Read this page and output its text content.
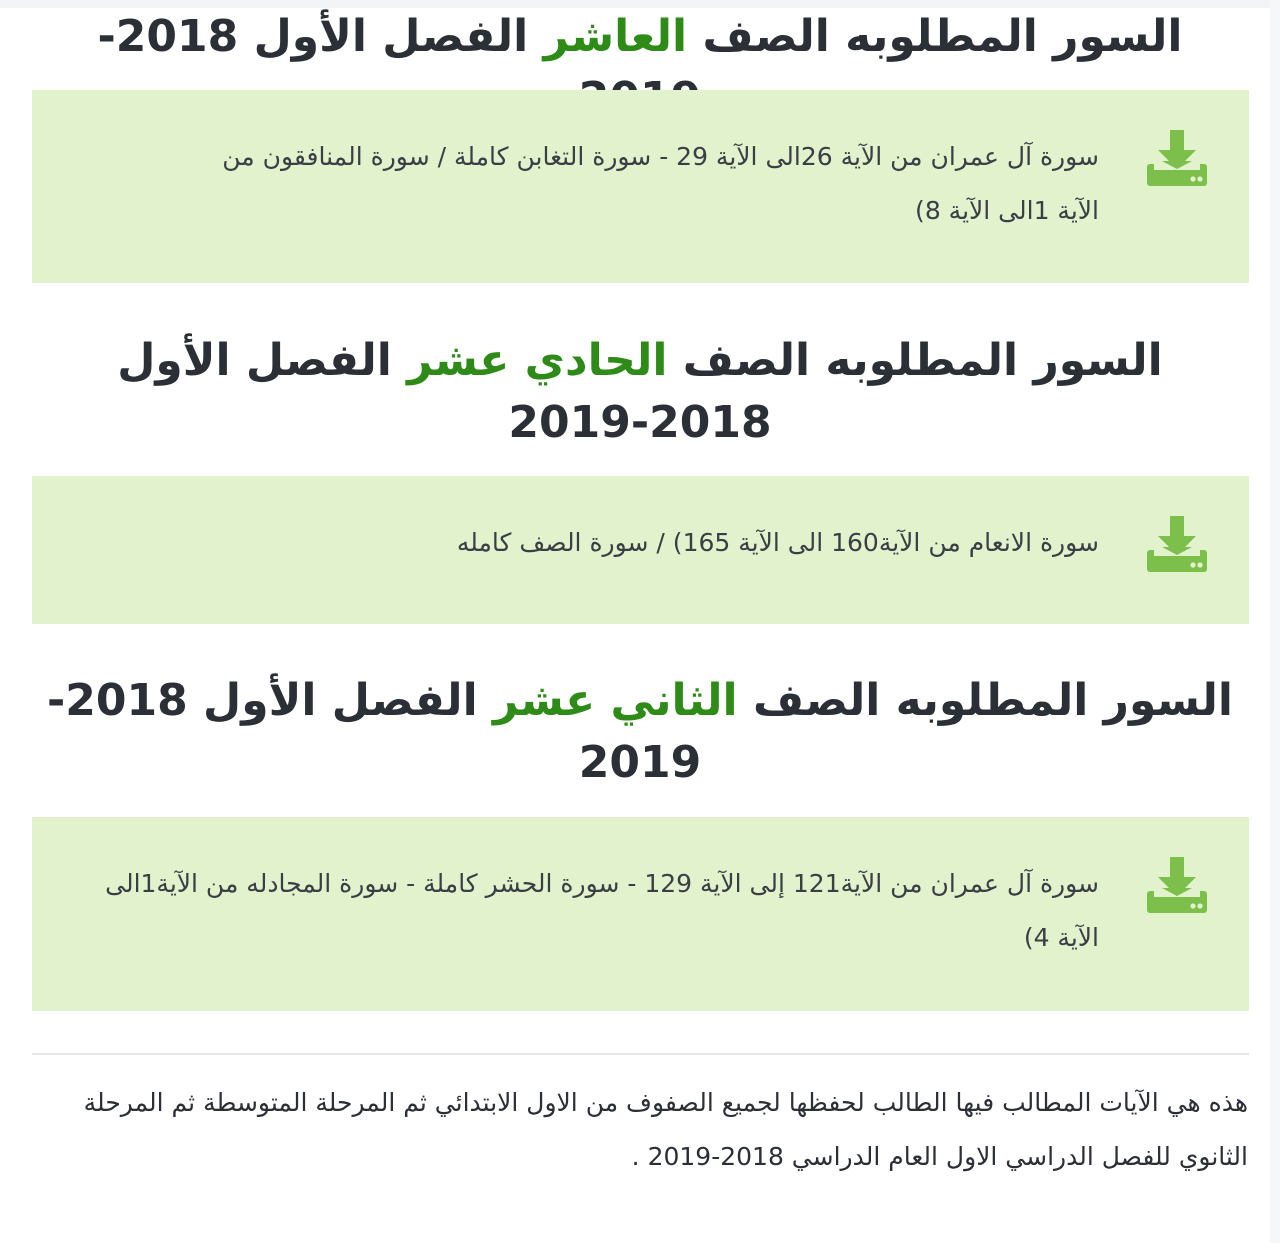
السور المطلوبه الصف العاشر الفصل الأول 2018-
سورة آل عمران من الآية 26الى الآية 29 - سورة التغابن كاملة / سورة المنافقون من الآية 1الى الآية 8)
السور المطلوبه الصف الحادي عشر الفصل الأول 2018-2019
سورة الانعام من الآية160 الى الآية 165) / سورة الصف كامله
السور المطلوبه الصف الثاني عشر الفصل الأول 2018-2019
سورة آل عمران من الآية121 إلى الآية 129 - سورة الحشر كاملة - سورة المجادله من الآية1الى الآية 4)

هذه هي الآيات المطالب فيها الطالب لحفظها لجميع الصفوف من الاول الابتدائي ثم المرحلة المتوسطة ثم المرحلة الثانوي للفصل الدراسي الاول العام الدراسي 2018-2019 .
